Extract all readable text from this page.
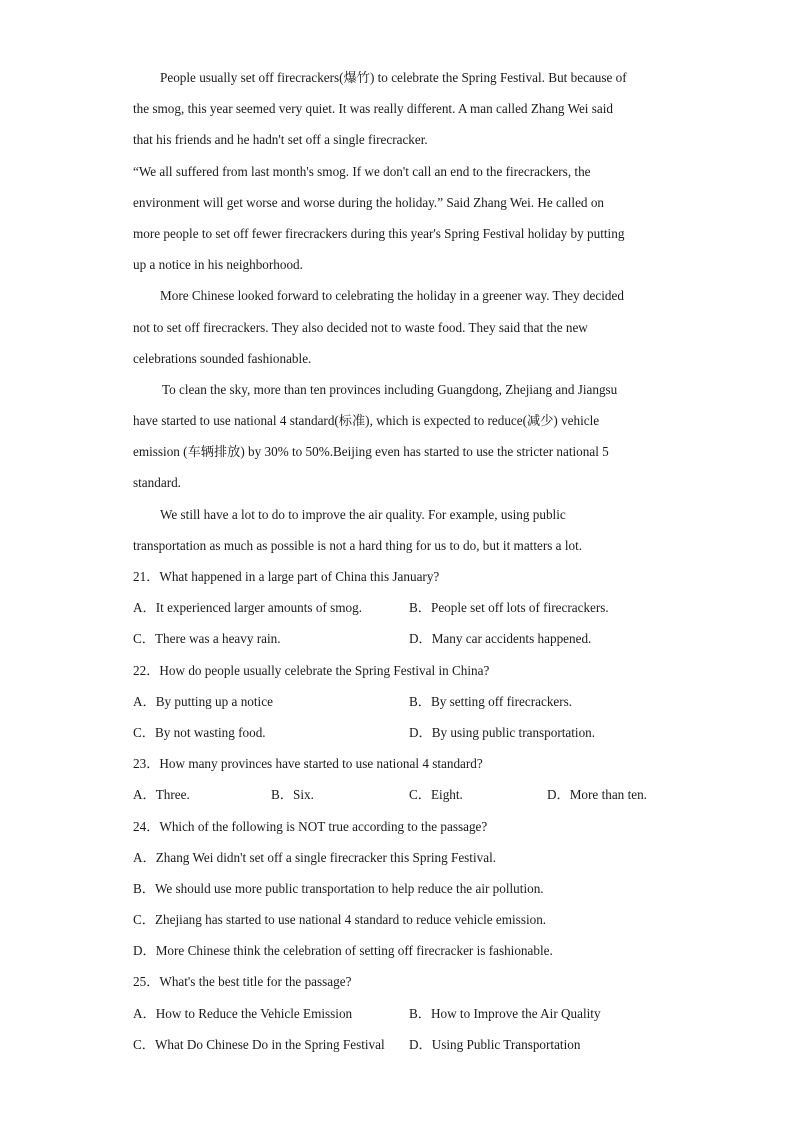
People usually set off firecrackers(爆竹) to celebrate the Spring Festival. But because of
the smog, this year seemed very quiet. It was really different. A man called Zhang Wei said
that his friends and he hadn't set off a single firecracker.
“We all suffered from last month's smog. If we don't call an end to the firecrackers, the
environment will get worse and worse during the holiday.” Said Zhang Wei. He called on
more people to set off fewer firecrackers during this year's Spring Festival holiday by putting
up a notice in his neighborhood.
More Chinese looked forward to celebrating the holiday in a greener way. They decided
not to set off firecrackers. They also decided not to waste food. They said that the new
celebrations sounded fashionable.
To clean the sky, more than ten provinces including Guangdong, Zhejiang and Jiangsu
have started to use national 4 standard(标准), which is expected to reduce(减少) vehicle
emission (车辆排放) by 30% to 50%.Beijing even has started to use the stricter national 5
standard.
We still have a lot to do to improve the air quality. For example, using public
transportation as much as possible is not a hard thing for us to do, but it matters a lot.
21．What happened in a large part of China this January?
A．It experienced larger amounts of smog.	B．People set off lots of firecrackers.
C．There was a heavy rain.	D．Many car accidents happened.
22．How do people usually celebrate the Spring Festival in China?
A．By putting up a notice	B．By setting off firecrackers.
C．By not wasting food.	D．By using public transportation.
23．How many provinces have started to use national 4 standard?
A．Three.	B．Six.	C．Eight.	D．More than ten.
24．Which of the following is NOT true according to the passage?
A．Zhang Wei didn't set off a single firecracker this Spring Festival.
B．We should use more public transportation to help reduce the air pollution.
C．Zhejiang has started to use national 4 standard to reduce vehicle emission.
D．More Chinese think the celebration of setting off firecracker is fashionable.
25．What's the best title for the passage?
A．How to Reduce the Vehicle Emission	B．How to Improve the Air Quality
C．What Do Chinese Do in the Spring Festival D．Using Public Transportation
